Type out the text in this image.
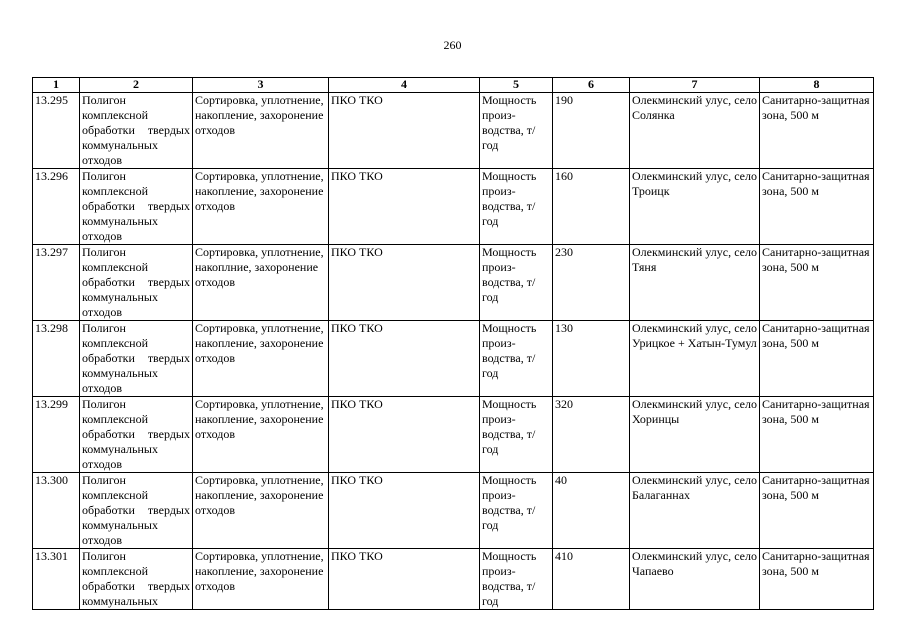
260
1	2	3	4	5	6	7	8
13.295	Полигон комплексной обработки твердых коммунальных отходов	Сортировка, уплотнение, накопление, захоронение отходов	ПКО ТКО	Мощность произ-водства, т/год	190	Олекминский улус, село Солянка	Санитарно-защитная зона, 500 м
13.296	Полигон комплексной обработки твердых коммунальных отходов	Сортировка, уплотнение, накопление, захоронение отходов	ПКО ТКО	Мощность произ-водства, т/год	160	Олекминский улус, село Троицк	Санитарно-защитная зона, 500 м
13.297	Полигон комплексной обработки твердых коммунальных отходов	Сортировка, уплотнение, накоплние, захоронение отходов	ПКО ТКО	Мощность произ-водства, т/год	230	Олекминский улус, село Тяня	Санитарно-защитная зона, 500 м
13.298	Полигон комплексной обработки твердых коммунальных отходов	Сортировка, уплотнение, накопление, захоронение отходов	ПКО ТКО	Мощность произ-водства, т/год	130	Олекминский улус, село Урицкое + Хатын-Тумул	Санитарно-защитная зона, 500 м
13.299	Полигон комплексной обработки твердых коммунальных отходов	Сортировка, уплотнение, накопление, захоронение отходов	ПКО ТКО	Мощность произ-водства, т/год	320	Олекминский улус, село Хоринцы	Санитарно-защитная зона, 500 м
13.300	Полигон комплексной обработки твердых коммунальных отходов	Сортировка, уплотнение, накопление, захоронение отходов	ПКО ТКО	Мощность произ-водства, т/год	40	Олекминский улус, село Балаганнах	Санитарно-защитная зона, 500 м
13.301	Полигон комплексной обработки твердых коммунальных	Сортировка, уплотнение, накопление, захоронение отходов	ПКО ТКО	Мощность произ-водства, т/год	410	Олекминский улус, село Чапаево	Санитарно-защитная зона, 500 м
